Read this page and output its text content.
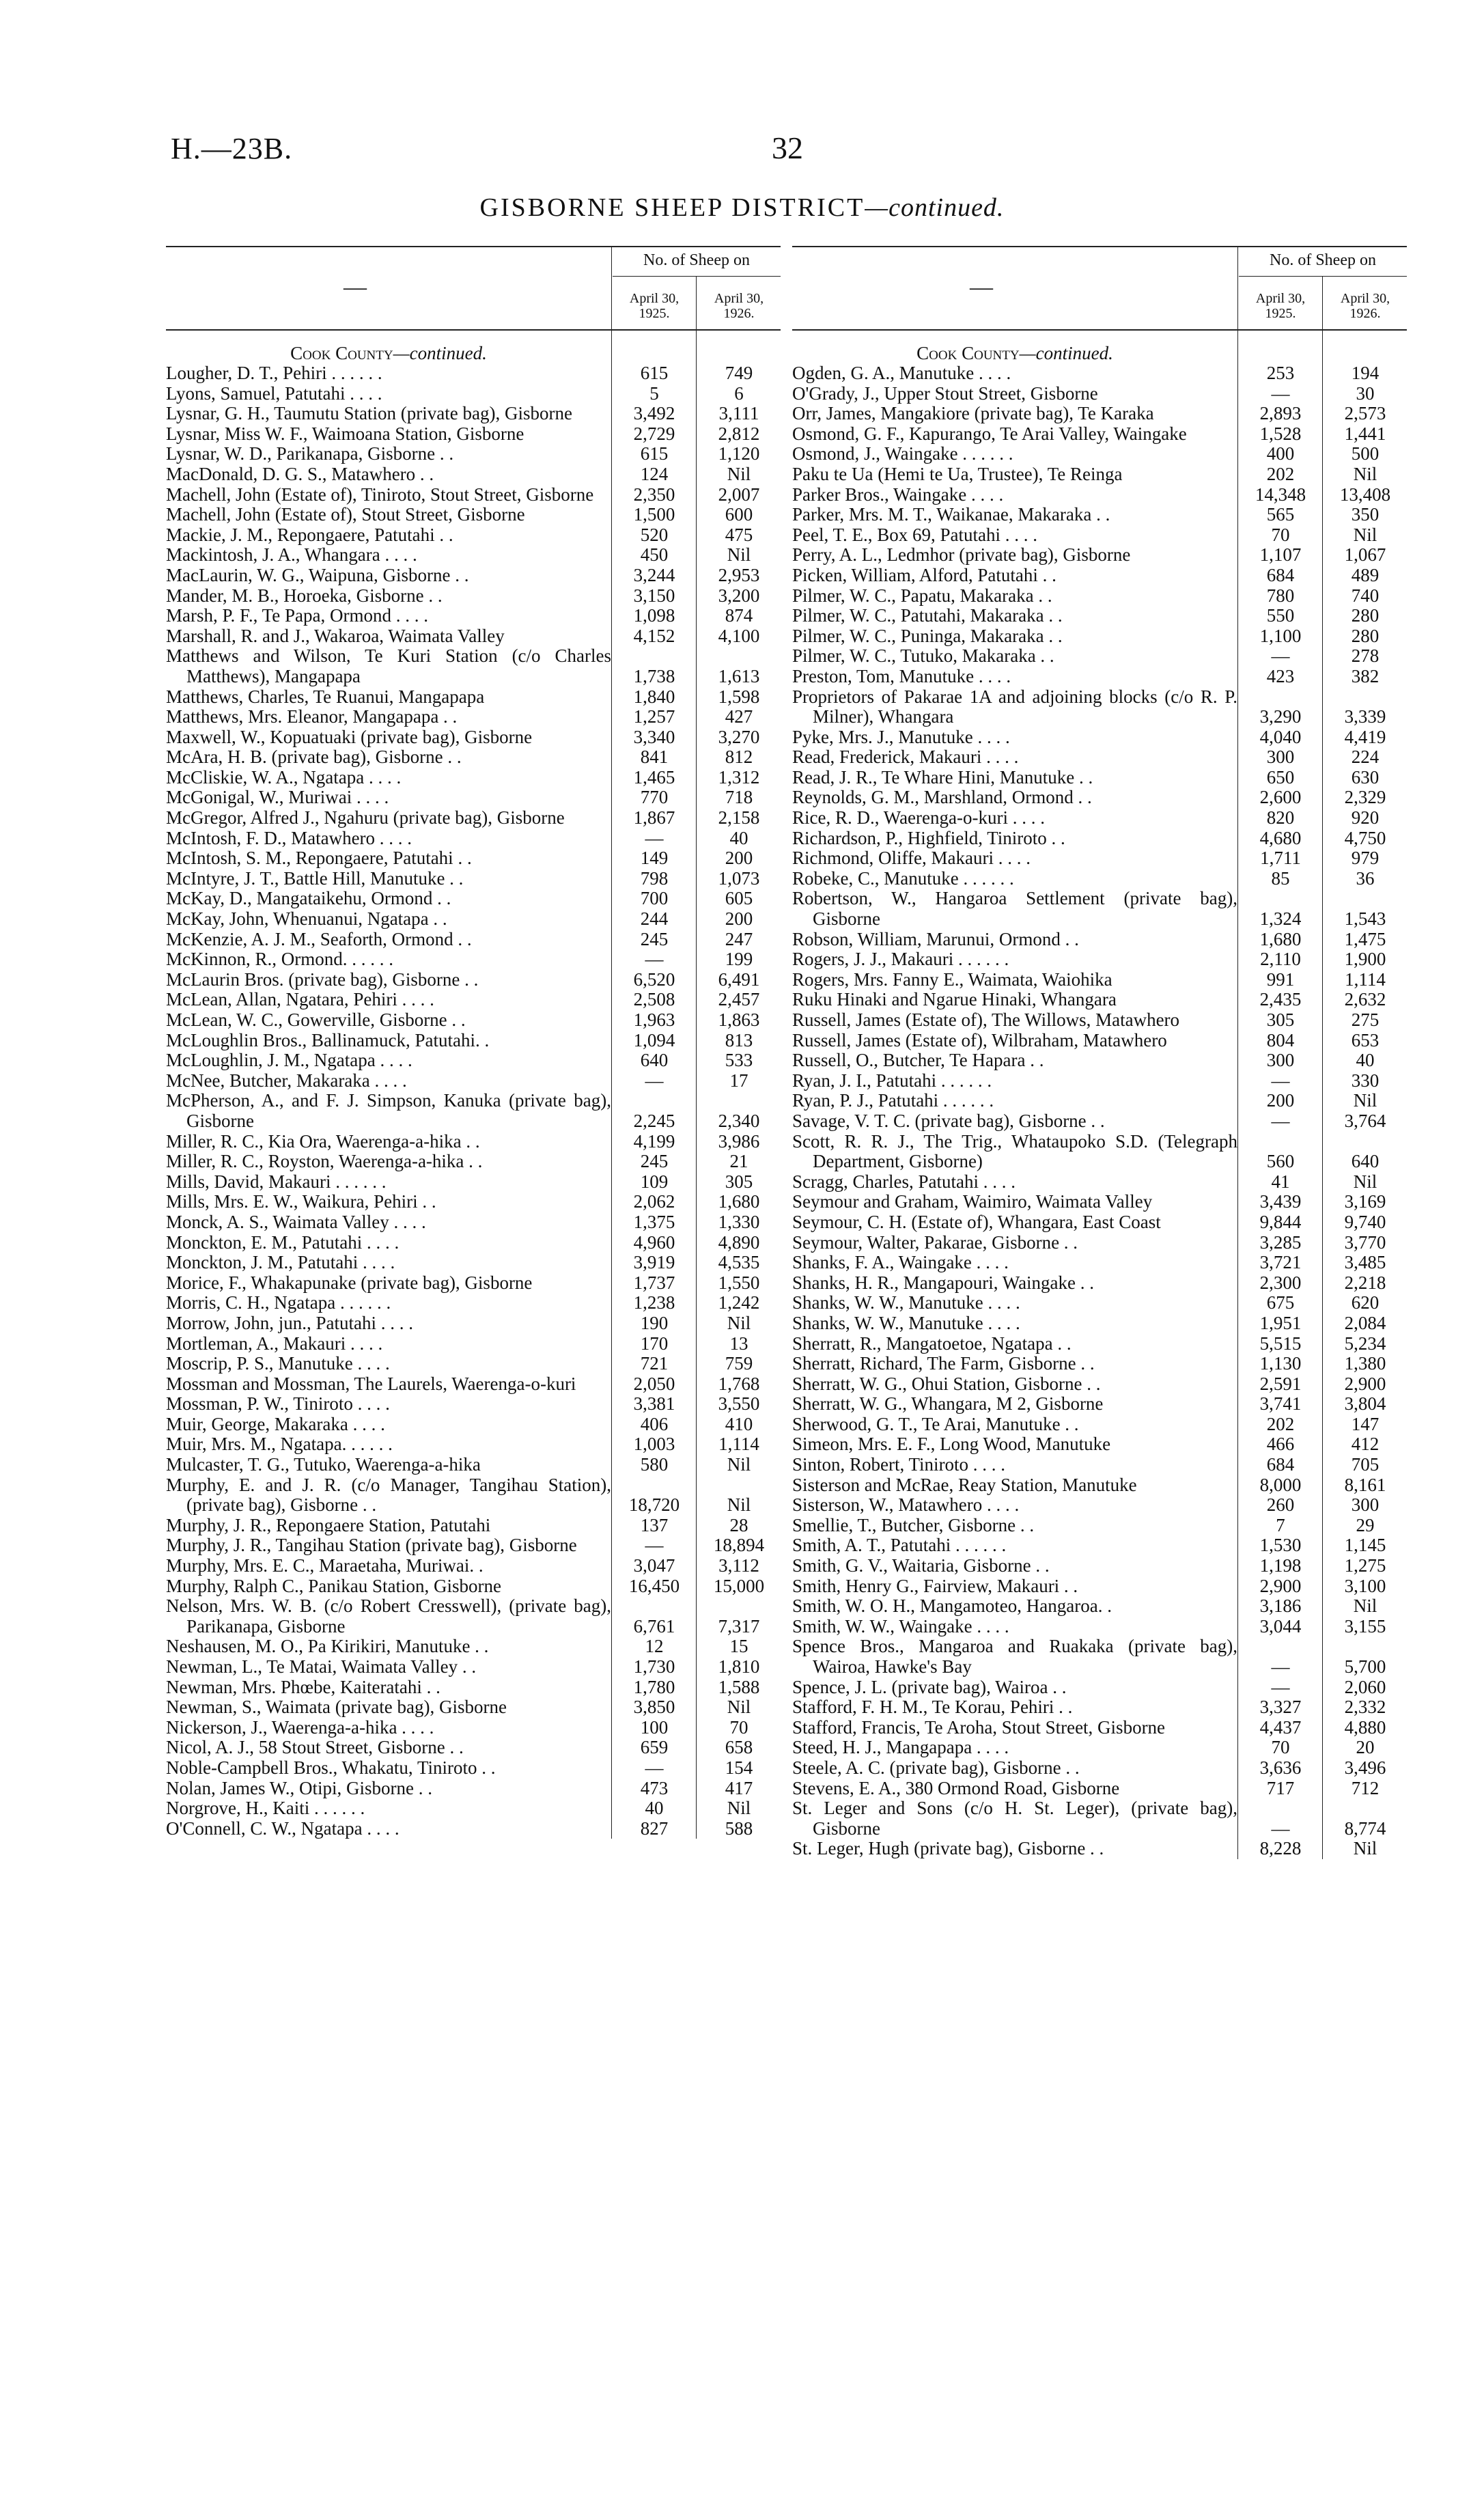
H.—23B.	32
GISBORNE SHEEP DISTRICT—continued.
—
No. of Sheep on
April 30, 1925.
April 30, 1926.
Cook County—continued.
Lougher, D. T., Pehiri . . . . . .	615	749
Lyons, Samuel, Patutahi . . . .	5	6
Lysnar, G. H., Taumutu Station (private bag), Gisborne	3,492	3,111
Lysnar, Miss W. F., Waimoana Station, Gisborne	2,729	2,812
Lysnar, W. D., Parikanapa, Gisborne . .	615	1,120
MacDonald, D. G. S., Matawhero . .	124	Nil
Machell, John (Estate of), Tiniroto, Stout Street, Gisborne	2,350	2,007
Machell, John (Estate of), Stout Street, Gisborne	1,500	600
Mackie, J. M., Repongaere, Patutahi . .	520	475
Mackintosh, J. A., Whangara . . . .	450	Nil
MacLaurin, W. G., Waipuna, Gisborne . .	3,244	2,953
Mander, M. B., Horoeka, Gisborne . .	3,150	3,200
Marsh, P. F., Te Papa, Ormond . . . .	1,098	874
Marshall, R. and J., Wakaroa, Waimata Valley	4,152	4,100
Matthews and Wilson, Te Kuri Station (c/o Charles Matthews), Mangapapa	1,738	1,613
Matthews, Charles, Te Ruanui, Mangapapa	1,840	1,598
Matthews, Mrs. Eleanor, Mangapapa . .	1,257	427
Maxwell, W., Kopuatuaki (private bag), Gisborne	3,340	3,270
McAra, H. B. (private bag), Gisborne . .	841	812
McCliskie, W. A., Ngatapa . . . .	1,465	1,312
McGonigal, W., Muriwai . . . .	770	718
McGregor, Alfred J., Ngahuru (private bag), Gisborne	1,867	2,158
McIntosh, F. D., Matawhero . . . .	—	40
McIntosh, S. M., Repongaere, Patutahi . .	149	200
McIntyre, J. T., Battle Hill, Manutuke . .	798	1,073
McKay, D., Mangataikehu, Ormond . .	700	605
McKay, John, Whenuanui, Ngatapa . .	244	200
McKenzie, A. J. M., Seaforth, Ormond . .	245	247
McKinnon, R., Ormond. . . . . .	—	199
McLaurin Bros. (private bag), Gisborne . .	6,520	6,491
McLean, Allan, Ngatara, Pehiri . . . .	2,508	2,457
McLean, W. C., Gowerville, Gisborne . .	1,963	1,863
McLoughlin Bros., Ballinamuck, Patutahi. .	1,094	813
McLoughlin, J. M., Ngatapa . . . .	640	533
McNee, Butcher, Makaraka . . . .	—	17
McPherson, A., and F. J. Simpson, Kanuka (private bag), Gisborne	2,245	2,340
Miller, R. C., Kia Ora, Waerenga-a-hika . .	4,199	3,986
Miller, R. C., Royston, Waerenga-a-hika . .	245	21
Mills, David, Makauri . . . . . .	109	305
Mills, Mrs. E. W., Waikura, Pehiri . .	2,062	1,680
Monck, A. S., Waimata Valley . . . .	1,375	1,330
Monckton, E. M., Patutahi . . . .	4,960	4,890
Monckton, J. M., Patutahi . . . .	3,919	4,535
Morice, F., Whakapunake (private bag), Gisborne	1,737	1,550
Morris, C. H., Ngatapa . . . . . .	1,238	1,242
Morrow, John, jun., Patutahi . . . .	190	Nil
Mortleman, A., Makauri . . . .	170	13
Moscrip, P. S., Manutuke . . . .	721	759
Mossman and Mossman, The Laurels, Waerenga-o-kuri	2,050	1,768
Mossman, P. W., Tiniroto . . . .	3,381	3,550
Muir, George, Makaraka . . . .	406	410
Muir, Mrs. M., Ngatapa. . . . . .	1,003	1,114
Mulcaster, T. G., Tutuko, Waerenga-a-hika	580	Nil
Murphy, E. and J. R. (c/o Manager, Tangihau Station), (private bag), Gisborne . .	18,720	Nil
Murphy, J. R., Repongaere Station, Patutahi	137	28
Murphy, J. R., Tangihau Station (private bag), Gisborne	—	18,894
Murphy, Mrs. E. C., Maraetaha, Muriwai. .	3,047	3,112
Murphy, Ralph C., Panikau Station, Gisborne	16,450	15,000
Nelson, Mrs. W. B. (c/o Robert Cresswell), (private bag), Parikanapa, Gisborne	6,761	7,317
Neshausen, M. O., Pa Kirikiri, Manutuke . .	12	15
Newman, L., Te Matai, Waimata Valley . .	1,730	1,810
Newman, Mrs. Phœbe, Kaiteratahi . .	1,780	1,588
Newman, S., Waimata (private bag), Gisborne	3,850	Nil
Nickerson, J., Waerenga-a-hika . . . .	100	70
Nicol, A. J., 58 Stout Street, Gisborne . .	659	658
Noble-Campbell Bros., Whakatu, Tiniroto . .	—	154
Nolan, James W., Otipi, Gisborne . .	473	417
Norgrove, H., Kaiti . . . . . .	40	Nil
O'Connell, C. W., Ngatapa . . . .	827	588
—
No. of Sheep on
April 30, 1925.
April 30, 1926.
Cook County—continued.
Ogden, G. A., Manutuke . . . .	253	194
O'Grady, J., Upper Stout Street, Gisborne	—	30
Orr, James, Mangakiore (private bag), Te Karaka	2,893	2,573
Osmond, G. F., Kapurango, Te Arai Valley, Waingake	1,528	1,441
Osmond, J., Waingake . . . . . .	400	500
Paku te Ua (Hemi te Ua, Trustee), Te Reinga	202	Nil
Parker Bros., Waingake . . . .	14,348	13,408
Parker, Mrs. M. T., Waikanae, Makaraka . .	565	350
Peel, T. E., Box 69, Patutahi . . . .	70	Nil
Perry, A. L., Ledmhor (private bag), Gisborne	1,107	1,067
Picken, William, Alford, Patutahi . .	684	489
Pilmer, W. C., Papatu, Makaraka . .	780	740
Pilmer, W. C., Patutahi, Makaraka . .	550	280
Pilmer, W. C., Puninga, Makaraka . .	1,100	280
Pilmer, W. C., Tutuko, Makaraka . .	—	278
Preston, Tom, Manutuke . . . .	423	382
Proprietors of Pakarae 1A and adjoining blocks (c/o R. P. Milner), Whangara	3,290	3,339
Pyke, Mrs. J., Manutuke . . . .	4,040	4,419
Read, Frederick, Makauri . . . .	300	224
Read, J. R., Te Whare Hini, Manutuke . .	650	630
Reynolds, G. M., Marshland, Ormond . .	2,600	2,329
Rice, R. D., Waerenga-o-kuri . . . .	820	920
Richardson, P., Highfield, Tiniroto . .	4,680	4,750
Richmond, Oliffe, Makauri . . . .	1,711	979
Robeke, C., Manutuke . . . . . .	85	36
Robertson, W., Hangaroa Settlement (private bag), Gisborne	1,324	1,543
Robson, William, Marunui, Ormond . .	1,680	1,475
Rogers, J. J., Makauri . . . . . .	2,110	1,900
Rogers, Mrs. Fanny E., Waimata, Waiohika	991	1,114
Ruku Hinaki and Ngarue Hinaki, Whangara	2,435	2,632
Russell, James (Estate of), The Willows, Matawhero	305	275
Russell, James (Estate of), Wilbraham, Matawhero	804	653
Russell, O., Butcher, Te Hapara . .	300	40
Ryan, J. I., Patutahi . . . . . .	—	330
Ryan, P. J., Patutahi . . . . . .	200	Nil
Savage, V. T. C. (private bag), Gisborne . .	—	3,764
Scott, R. R. J., The Trig., Whataupoko S.D. (Telegraph Department, Gisborne)	560	640
Scragg, Charles, Patutahi . . . .	41	Nil
Seymour and Graham, Waimiro, Waimata Valley	3,439	3,169
Seymour, C. H. (Estate of), Whangara, East Coast	9,844	9,740
Seymour, Walter, Pakarae, Gisborne . .	3,285	3,770
Shanks, F. A., Waingake . . . .	3,721	3,485
Shanks, H. R., Mangapouri, Waingake . .	2,300	2,218
Shanks, W. W., Manutuke . . . .	675	620
Shanks, W. W., Manutuke . . . .	1,951	2,084
Sherratt, R., Mangatoetoe, Ngatapa . .	5,515	5,234
Sherratt, Richard, The Farm, Gisborne . .	1,130	1,380
Sherratt, W. G., Ohui Station, Gisborne . .	2,591	2,900
Sherratt, W. G., Whangara, M 2, Gisborne	3,741	3,804
Sherwood, G. T., Te Arai, Manutuke . .	202	147
Simeon, Mrs. E. F., Long Wood, Manutuke	466	412
Sinton, Robert, Tiniroto . . . .	684	705
Sisterson and McRae, Reay Station, Manutuke	8,000	8,161
Sisterson, W., Matawhero . . . .	260	300
Smellie, T., Butcher, Gisborne . .	7	29
Smith, A. T., Patutahi . . . . . .	1,530	1,145
Smith, G. V., Waitaria, Gisborne . .	1,198	1,275
Smith, Henry G., Fairview, Makauri . .	2,900	3,100
Smith, W. O. H., Mangamoteo, Hangaroa. .	3,186	Nil
Smith, W. W., Waingake . . . .	3,044	3,155
Spence Bros., Mangaroa and Ruakaka (private bag), Wairoa, Hawke's Bay	—	5,700
Spence, J. L. (private bag), Wairoa . .	—	2,060
Stafford, F. H. M., Te Korau, Pehiri . .	3,327	2,332
Stafford, Francis, Te Aroha, Stout Street, Gisborne	4,437	4,880
Steed, H. J., Mangapapa . . . .	70	20
Steele, A. C. (private bag), Gisborne . .	3,636	3,496
Stevens, E. A., 380 Ormond Road, Gisborne	717	712
St. Leger and Sons (c/o H. St. Leger), (private bag), Gisborne	—	8,774
St. Leger, Hugh (private bag), Gisborne . .	8,228	Nil
